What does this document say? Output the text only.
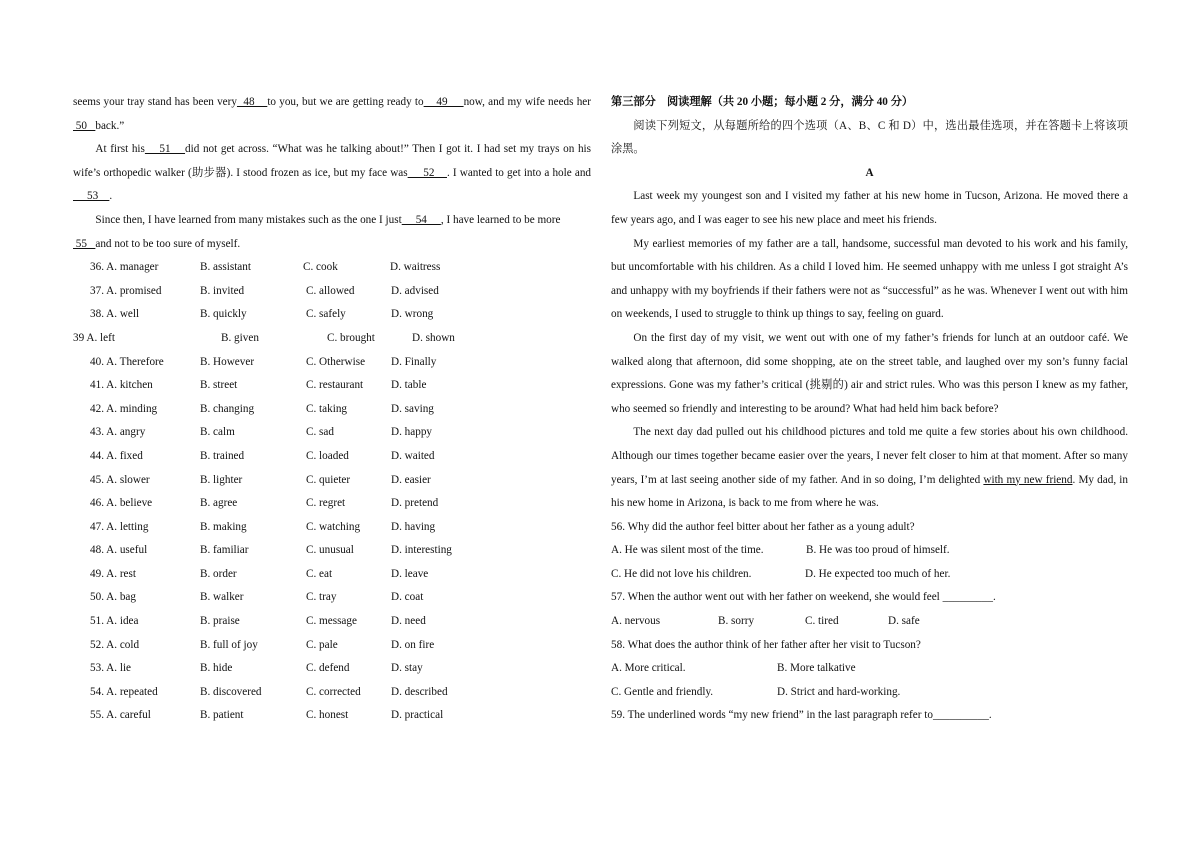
seems your tray stand has been very  48    to you, but we are getting ready to    49     now, and my wife needs her 50   back.”

At first his    51    did not get across. “What was he talking about!” Then I got it. I had set my trays on his wife’s orthopedic walker (助步器). I stood frozen as ice, but my face was     52    . I wanted to get into a hole and     53    .

Since then, I have learned from many mistakes such as the one I just     54     , I have learned to be more 55   and not to be too sure of myself.

36. A. manager	B. assistant	C. cook	D. waitress
37. A. promised	B. invited	C. allowed	D. advised
38. A. well	B. quickly	C. safely	D. wrong
39 A. left	B. given	C. brought	D. shown
40. A. Therefore	B. However	C. Otherwise D. Finally
41. A. kitchen	B. street	C. restaurant D. table
42. A. minding	B. changing	C. taking	D. saving
43. A. angry	B. calm	C. sad	D. happy
44. A. fixed	B. trained	C. loaded	D. waited
45. A. slower	B. lighter	C. quieter	D. easier
46. A. believe	B. agree	C. regret	D. pretend
47. A. letting	B. making	C. watching	D. having
48. A. useful	B. familiar	C. unusual	D. interesting
49. A. rest	B. order	C. eat	D. leave
50. A. bag	B. walker	C. tray	D. coat
51. A. idea	B. praise	C. message	D. need
52. A. cold	B. full of joy	C. pale	D. on fire
53. A. lie	B. hide	C. defend	D. stay
54. A. repeated	B. discovered	C. corrected	D. described
55. A. careful	B. patient	C. honest	D. practical

第三部分　阅读理解（共 20 小题；每小题 2 分，满分 40 分）

阅读下列短文，从每题所给的四个选项（A、B、C 和 D）中，选出最佳选项，并在答题卡上将该项涂黑。

A

Last week my youngest son and I visited my father at his new home in Tucson, Arizona. He moved there a few years ago, and I was eager to see his new place and meet his friends.

My earliest memories of my father are a tall, handsome, successful man devoted to his work and his family, but uncomfortable with his children. As a child I loved him. He seemed unhappy with me unless I got straight A’s and unhappy with my boyfriends if their fathers were not as “successful” as he was. Whenever I went out with him on weekends, I used to struggle to think up things to say, feeling on guard.

On the first day of my visit, we went out with one of my father’s friends for lunch at an outdoor café. We walked along that afternoon, did some shopping, ate on the street table, and laughed over my son’s funny facial expressions. Gone was my father’s critical (挑剔的) air and strict rules. Who was this person I knew as my father, who seemed so friendly and interesting to be around? What had held him back before?

The next day dad pulled out his childhood pictures and told me quite a few stories about his own childhood. Although our times together became easier over the years, I never felt closer to him at that moment. After so many years, I’m at last seeing another side of my father. And in so doing, I’m delighted with my new friend. My dad, in his new home in Arizona, is back to me from where he was.

56. Why did the author feel bitter about her father as a young adult?

A. He was silent most of the time.	B. He was too proud of himself.
C. He did not love his children.	D. He expected too much of her.

57. When the author went out with her father on weekend, she would feel _________.

A. nervous	B. sorry	C. tired	D. safe

58. What does the author think of her father after her visit to Tucson?

A. More critical.	B. More talkative
C. Gentle and friendly.	D. Strict and hard-working.

59. The underlined words “my new friend” in the last paragraph refer to__________.
